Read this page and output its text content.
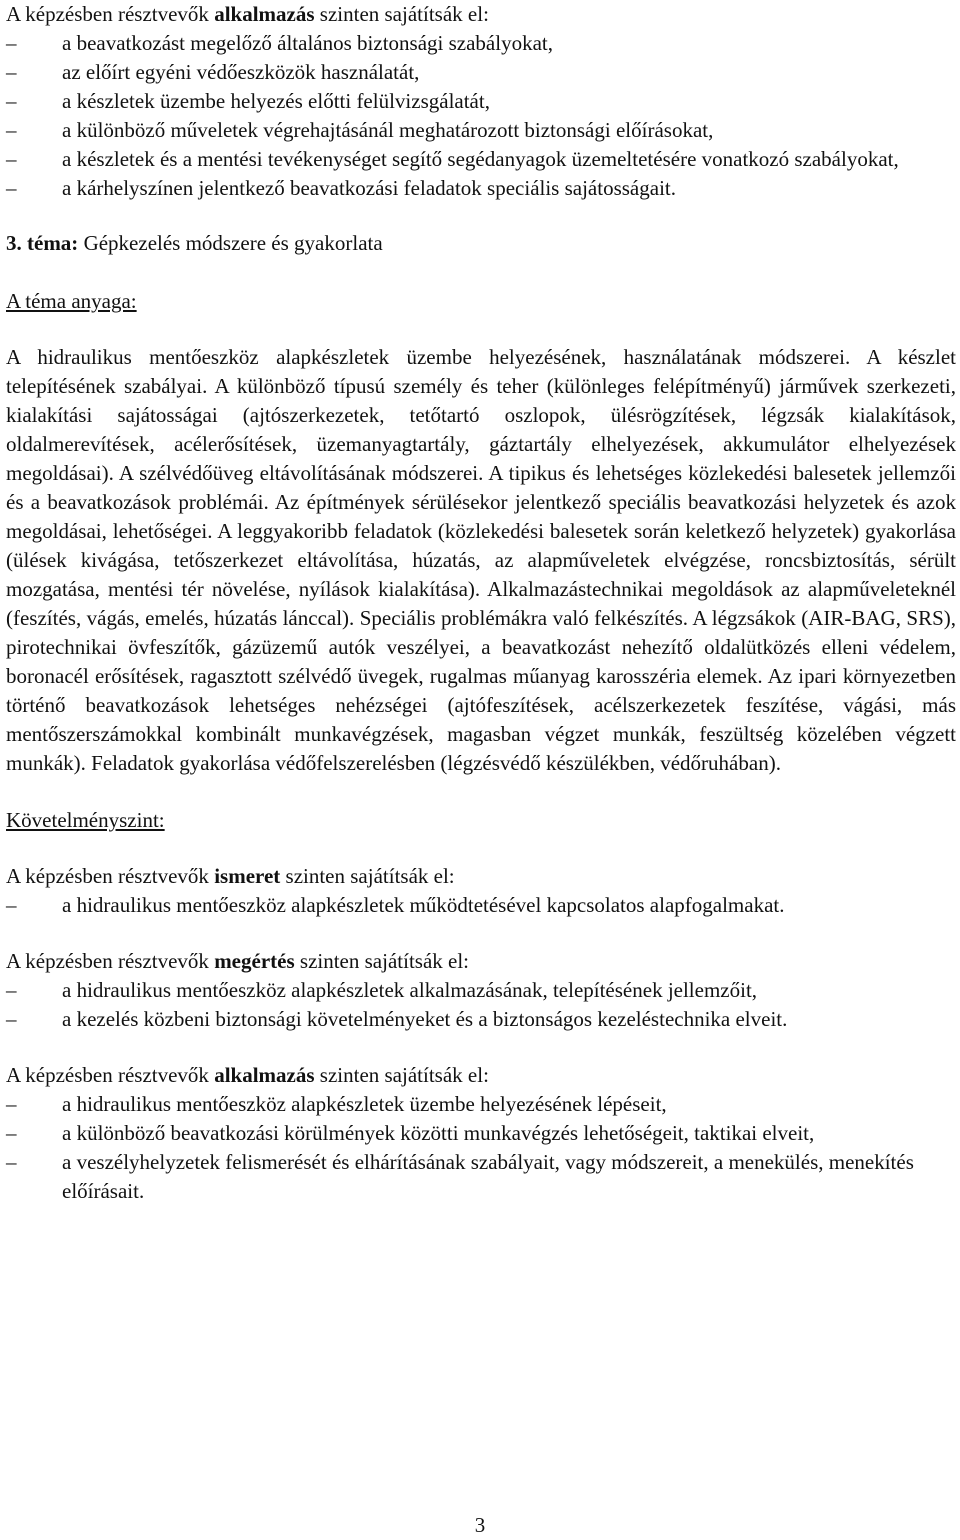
A képzésben résztvevők alkalmazás szinten sajátítsák el:

–	a beavatkozást megelőző általános biztonsági szabályokat,
–	az előírt egyéni védőeszközök használatát,
–	a készletek üzembe helyezés előtti felülvizsgálatát,
–	a különböző műveletek végrehajtásánál meghatározott biztonsági előírásokat,
–	a készletek és a mentési tevékenységet segítő segédanyagok üzemeltetésére vonatkozó szabályokat,
–	a kárhelyszínen jelentkező beavatkozási feladatok speciális sajátosságait.

3. téma: Gépkezelés módszere és gyakorlata

A téma anyaga:

A hidraulikus mentőeszköz alapkészletek üzembe helyezésének, használatának módszerei. A készlet telepítésének szabályai. A különböző típusú személy és teher (különleges felépítményű) járművek szerkezeti, kialakítási sajátosságai (ajtószerkezetek, tetőtartó oszlopok, ülésrögzítések, légzsák kialakítások, oldalmerevítések, acélerősítések, üzemanyagtartály, gáztartály elhelyezések, akkumulátor elhelyezések megoldásai). A szélvédőüveg eltávolításának módszerei. A tipikus és lehetséges közlekedési balesetek jellemzői és a beavatkozások problémái. Az építmények sérülésekor jelentkező speciális beavatkozási helyzetek és azok megoldásai, lehetőségei. A leggyakoribb feladatok (közlekedési balesetek során keletkező helyzetek) gyakorlása (ülések kivágása, tetőszerkezet eltávolítása, húzatás, az alapműveletek elvégzése, roncsbiztosítás, sérült mozgatása, mentési tér növelése, nyílások kialakítása). Alkalmazástechnikai megoldások az alapműveleteknél (feszítés, vágás, emelés, húzatás lánccal). Speciális problémákra való felkészítés. A légzsákok (AIR-BAG, SRS), pirotechnikai övfeszítők, gázüzemű autók veszélyei, a beavatkozást nehezítő oldalütközés elleni védelem, boronacél erősítések, ragasztott szélvédő üvegek, rugalmas műanyag karosszéria elemek. Az ipari környezetben történő beavatkozások lehetséges nehézségei (ajtófeszítések, acélszerkezetek feszítése, vágási, más mentőszerszámokkal kombinált munkavégzések, magasban végzet munkák, feszültség közelében végzett munkák). Feladatok gyakorlása védőfelszerelésben (légzésvédő készülékben, védőruhában).

Követelményszint:

A képzésben résztvevők ismeret szinten sajátítsák el:

–	a hidraulikus mentőeszköz alapkészletek működtetésével kapcsolatos alapfogalmakat.

A képzésben résztvevők megértés szinten sajátítsák el:

–	a hidraulikus mentőeszköz alapkészletek alkalmazásának, telepítésének jellemzőit,
–	a kezelés közbeni biztonsági követelményeket és a biztonságos kezeléstechnika elveit.

A képzésben résztvevők alkalmazás szinten sajátítsák el:

–	a hidraulikus mentőeszköz alapkészletek üzembe helyezésének lépéseit,
–	a különböző beavatkozási körülmények közötti munkavégzés lehetőségeit, taktikai elveit,
–	a veszélyhelyzetek felismerését és elhárításának szabályait, vagy módszereit, a menekülés, menekítés előírásait.
3
